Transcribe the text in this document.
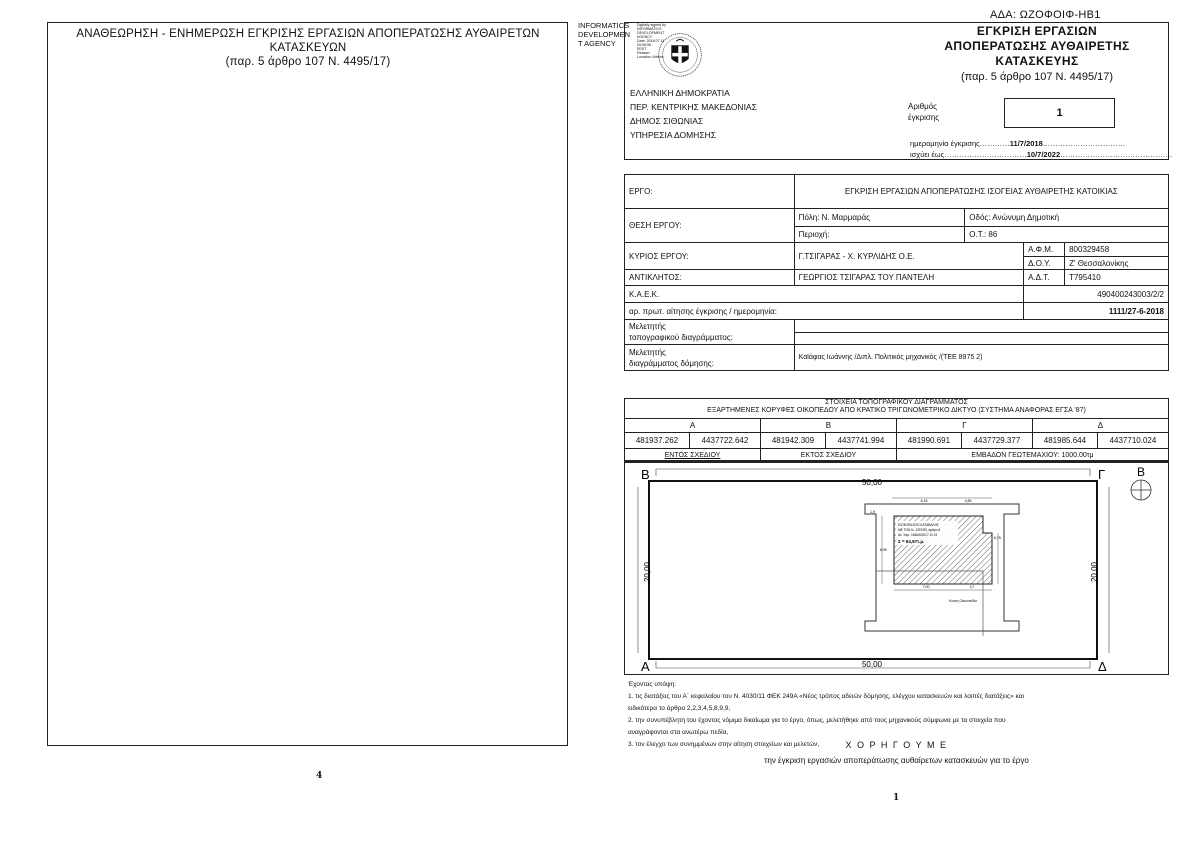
ΑΝΑΘΕΩΡΗΣΗ - ΕΝΗΜΕΡΩΣΗ ΕΓΚΡΙΣΗΣ ΕΡΓΑΣΙΩΝ ΑΠΟΠΕΡΑΤΩΣΗΣ ΑΥΘΑΙΡΕΤΩΝ
ΚΑΤΑΣΚΕΥΩΝ
(παρ. 5 άρθρο 107 Ν. 4495/17)
4
ΑΔΑ: ΩΖΟΦΟΙΦ-ΗΒ1
INFORMATICS
DEVELOPMEN
T AGENCY
Digitally signed by
INFORMATICS
DEVELOPMENT AGENCY
Date: 2018.07.11
09:08:56
EEST
Reason:
Location: Athens
ΕΛΛΗΝΙΚΗ ΔΗΜΟΚΡΑΤΙΑ
ΠΕΡ. ΚΕΝΤΡΙΚΗΣ ΜΑΚΕΔΟΝΙΑΣ
ΔΗΜΟΣ ΣΙΘΩΝΙΑΣ
ΥΠΗΡΕΣΙΑ ΔΟΜΗΣΗΣ
ΕΓΚΡΙΣΗ ΕΡΓΑΣΙΩΝ
ΑΠΟΠΕΡΑΤΩΣΗΣ ΑΥΘΑΙΡΕΤΗΣ
ΚΑΤΑΣΚΕΥΗΣ
(παρ. 5 άρθρο 107 Ν. 4495/17)
Αριθμός
έγκρισης	1
ημερομηνία έγκρισης…………11/7/2018……………………………
ισχύει έως……………………………10/7/2022………………………………………
ΕΡΓΟ:	ΕΓΚΡΙΣΗ ΕΡΓΑΣΙΩΝ ΑΠΟΠΕΡΑΤΩΣΗΣ ΙΣΟΓΕΙΑΣ ΑΥΘΑΙΡΕΤΗΣ ΚΑΤΟΙΚΙΑΣ			
ΘΕΣΗ ΕΡΓΟΥ:	Πόλη: Ν. Μαρμαράς	Οδός: Ανώνυμη Δημοτική		
	Περιοχή:	Ο.Τ.: 86		
ΚΥΡΙΟΣ ΕΡΓΟΥ:	Γ.ΤΣΙΓΑΡΑΣ - Χ. ΚΥΡΛΙΔΗΣ Ο.Ε.		Α.Φ.Μ.	800329458
			Δ.Ο.Υ.	Ζ' Θεσσαλονίκης
ΑΝΤΙΚΛΗΤΟΣ:	ΓΕΩΡΓΙΟΣ ΤΣΙΓΑΡΑΣ ΤΟΥ ΠΑΝΤΕΛΗ		Α.Δ.Τ.	Τ795410
Κ.Α.Ε.Κ.			490400243003/2/2	
αρ. πρωτ. αίτησης έγκρισης / ημερομηνία:			1111/27-6-2018	

Μελετητής
τοπογραφικού διαγράμματος:				

Μελετητής
διαγράμματος δόμησης:	Καϊάφας Ιωάννης /Διπλ. Πολιτικός μηχανικός /(ΤΕΕ 8975 2)			
ΣΤΟΙΧΕΙΑ ΤΟΠΟΓΡΑΦΙΚΟΥ ΔΙΑΓΡΑΜΜΑΤΟΣ
ΕΞΑΡΤΗΜΕΝΕΣ ΚΟΡΥΦΕΣ ΟΙΚΟΠΕΔΟΥ ΑΠΟ ΚΡΑΤΙΚΟ ΤΡΙΓΩΝΟΜΕΤΡΙΚΟ ΔΙΚΤΥΟ (ΣΥΣΤΗΜΑ ΑΝΑΦΟΡΑΣ ΕΓΣΑ '87)
Α		Β		Γ		Δ	
481937.262	4437722.642	481942.309	4437741.994	481990.691	4437729.377	481985.644	4437710.024
ΕΝΤΟΣ ΣΧΕΔΙΟΥ		ΕΚΤΟΣ ΣΧΕΔΙΟΥ		ΕΜΒΑΔΟΝ ΓΕΩΤΕΜΑΧΙΟΥ: 1000.00τμ			
Β
Β	Γ
Α	Δ
50,00
50,00
20,00	20,00
6,15	4,85
1,9
6,95
6,75
7,00	3,7
ΕΙΣΦΟΡΑ ΑΠΟ ΚΑΤΑΒΑΛΗΣ
ΜΕ ΤΟΝ Ν. 1337/83, άρθρο 8
Αν. Χαρ. 1646/6/2017.11.01
Σ = 64,97τ.μ.
Κοινή Οικοπεδία
Έχοντας υπόψη:
1. τις διατάξεις του Α΄ κεφαλαίου του Ν. 4030/11 ΦΕΚ 249Α «Νέος τρόπος αδειών δόμησης, ελέγχου κατασκευών και λοιπές διατάξεις» και
ειδικότερα το άρθρο 2,2,3,4,5,8,9,9,
2. την συνυπέβλητη του έχοντος νόμιμα δικαίωμα για το έργο, όπως, μελετήθηκε από τους μηχανικούς σύμφωνα με τα στοιχεία που
αναγράφονται στα ανωτέρω πεδία,
3. τον έλεγχο των συνημμένων στην αίτηση στοιχείων και μελετών,	Χ Ο Ρ Η Γ Ο Υ Μ Ε
την έγκριση εργασιών αποπεράτωσης αυθαίρετων κατασκευών για το έργο
1
